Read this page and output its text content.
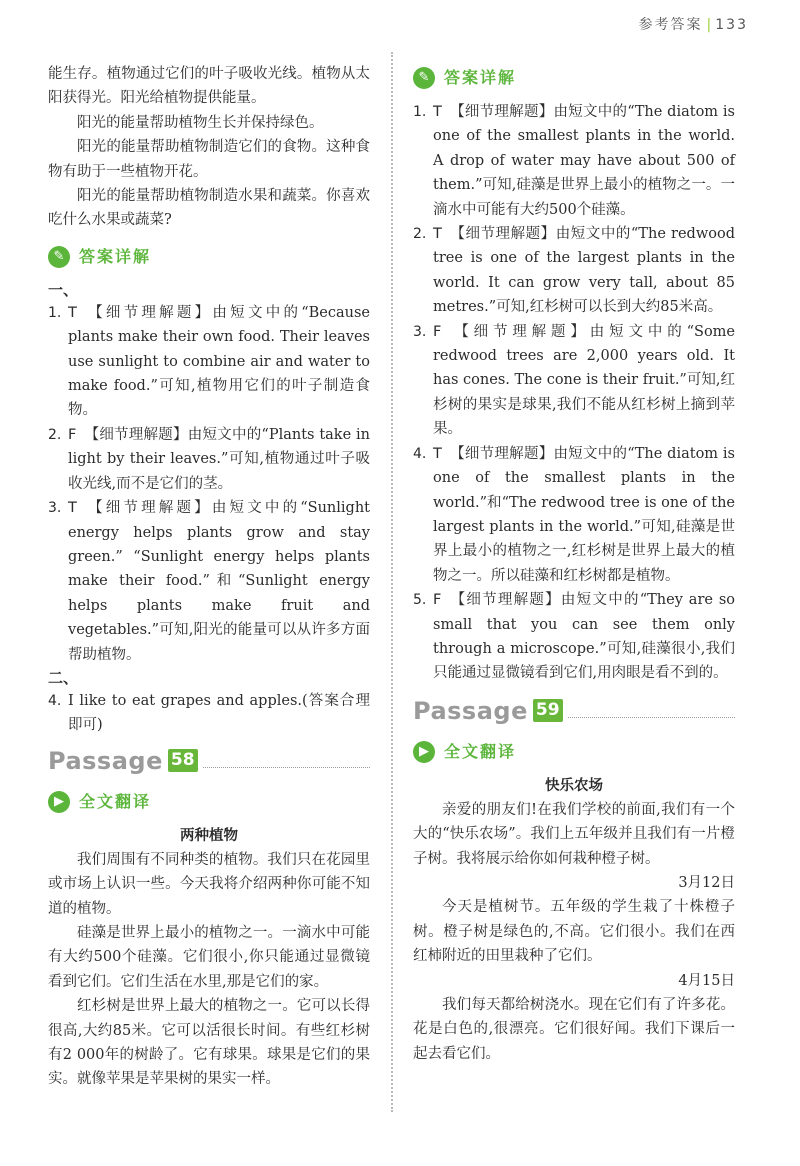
参考答案 | 133

能生存。植物通过它们的叶子吸收光线。植物从太阳获得光。阳光给植物提供能量。

阳光的能量帮助植物生长并保持绿色。

阳光的能量帮助植物制造它们的食物。这种食物有助于一些植物开花。

阳光的能量帮助植物制造水果和蔬菜。你喜欢吃什么水果或蔬菜?

✎ 答案详解
一、
1. T 【细节理解题】由短文中的“Because plants make their own food. Their leaves use sunlight to combine air and water to make food.”可知,植物用它们的叶子制造食物。
2. F 【细节理解题】由短文中的“Plants take in light by their leaves.”可知,植物通过叶子吸收光线,而不是它们的茎。
3. T 【细节理解题】由短文中的“Sunlight energy helps plants grow and stay green.” “Sunlight energy helps plants make their food.”和“Sunlight energy helps plants make fruit and vegetables.”可知,阳光的能量可以从许多方面帮助植物。
二、
4. I like to eat grapes and apples.(答案合理即可)
Passage 58
▶ 全文翻译
两种植物

我们周围有不同种类的植物。我们只在花园里或市场上认识一些。今天我将介绍两种你可能不知道的植物。

硅藻是世界上最小的植物之一。一滴水中可能有大约500个硅藻。它们很小,你只能通过显微镜看到它们。它们生活在水里,那是它们的家。

红杉树是世界上最大的植物之一。它可以长得很高,大约85米。它可以活很长时间。有些红杉树有2 000年的树龄了。它有球果。球果是它们的果实。就像苹果是苹果树的果实一样。

✎ 答案详解
1. T 【细节理解题】由短文中的“The diatom is one of the smallest plants in the world. A drop of water may have about 500 of them.”可知,硅藻是世界上最小的植物之一。一滴水中可能有大约500个硅藻。
2. T 【细节理解题】由短文中的“The redwood tree is one of the largest plants in the world. It can grow very tall, about 85 metres.”可知,红杉树可以长到大约85米高。
3. F 【细节理解题】由短文中的“Some redwood trees are 2,000 years old. It has cones. The cone is their fruit.”可知,红杉树的果实是球果,我们不能从红杉树上摘到苹果。
4. T 【细节理解题】由短文中的“The diatom is one of the smallest plants in the world.”和“The redwood tree is one of the largest plants in the world.”可知,硅藻是世界上最小的植物之一,红杉树是世界上最大的植物之一。所以硅藻和红杉树都是植物。
5. F 【细节理解题】由短文中的“They are so small that you can see them only through a microscope.”可知,硅藻很小,我们只能通过显微镜看到它们,用肉眼是看不到的。
Passage 59
▶ 全文翻译
快乐农场

亲爱的朋友们!在我们学校的前面,我们有一个大的“快乐农场”。我们上五年级并且我们有一片橙子树。我将展示给你如何栽种橙子树。

3月12日

今天是植树节。五年级的学生栽了十株橙子树。橙子树是绿色的,不高。它们很小。我们在西红柿附近的田里栽种了它们。

4月15日

我们每天都给树浇水。现在它们有了许多花。花是白色的,很漂亮。它们很好闻。我们下课后一起去看它们。
